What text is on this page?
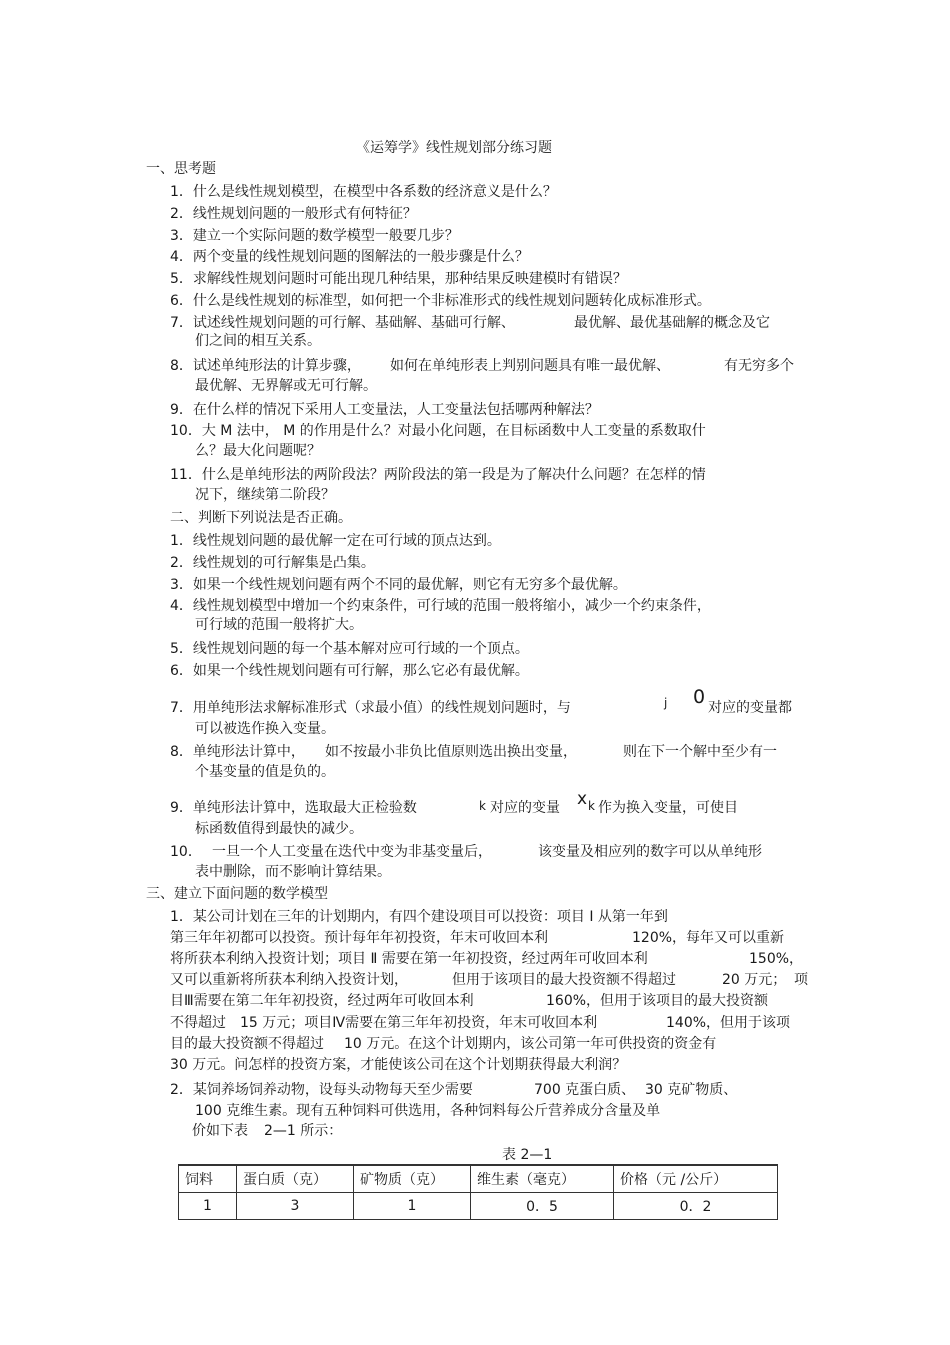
《运筹学》线性规划部分练习题
一、思考题
1．什么是线性规划模型，在模型中各系数的经济意义是什么？
2．线性规划问题的一般形式有何特征？
3．建立一个实际问题的数学模型一般要几步？
4．两个变量的线性规划问题的图解法的一般步骤是什么？
5．求解线性规划问题时可能出现几种结果，那种结果反映建模时有错误？
6．什么是线性规划的标准型，如何把一个非标准形式的线性规划问题转化成标准形式。
7．试述线性规划问题的可行解、基础解、基础可行解、	最优解、最优基础解的概念及它
们之间的相互关系。
8．试述单纯形法的计算步骤， 如何在单纯形表上判别问题具有唯一最优解、	有无穷多个
最优解、无界解或无可行解。
9．在什么样的情况下采用人工变量法，人工变量法包括哪两种解法？
10．大 M 法中， M 的作用是什么？对最小化问题，在目标函数中人工变量的系数取什
么？最大化问题呢？
11．什么是单纯形法的两阶段法？两阶段法的第一段是为了解决什么问题？在怎样的情
况下，继续第二阶段？
二、判断下列说法是否正确。
1．线性规划问题的最优解一定在可行域的顶点达到。
2．线性规划的可行解集是凸集。
3．如果一个线性规划问题有两个不同的最优解，则它有无穷多个最优解。
4．线性规划模型中增加一个约束条件，可行域的范围一般将缩小，减少一个约束条件，
可行域的范围一般将扩大。
5．线性规划问题的每一个基本解对应可行域的一个顶点。
6．如果一个线性规划问题有可行解，那么它必有最优解。
7．用单纯形法求解标准形式（求最小值）的线性规划问题时，与	j 0 对应的变量都
可以被选作换入变量。
8．单纯形法计算中， 如不按最小非负比值原则选出换出变量，	则在下一个解中至少有一
个基变量的值是负的。
9．单纯形法计算中，选取最大正检验数	k 对应的变量 x k 作为换入变量，可使目
标函数值得到最快的减少。
10． 一旦一个人工变量在迭代中变为非基变量后，	该变量及相应列的数字可以从单纯形
表中删除，而不影响计算结果。
三、建立下面问题的数学模型
1．某公司计划在三年的计划期内，有四个建设项目可以投资：项目 Ⅰ 从第一年到
第三年年初都可以投资。预计每年年初投资，年末可收回本利	120%，每年又可以重新
将所获本利纳入投资计划；项目 Ⅱ 需要在第一年初投资，经过两年可收回本利	150%，
又可以重新将所获本利纳入投资计划，	但用于该项目的最大投资额不得超过	20 万元； 项
目Ⅲ需要在第二年年初投资，经过两年可收回本利	160%，但用于该项目的最大投资额
不得超过 15 万元；项目Ⅳ需要在第三年年初投资，年末可收回本利	140%，但用于该项
目的最大投资额不得超过 10 万元。在这个计划期内，该公司第一年可供投资的资金有
30 万元。问怎样的投资方案，才能使该公司在这个计划期获得最大利润？
2．某饲养场饲养动物，设每头动物每天至少需要	700 克蛋白质、 30 克矿物质、
100 克维生素。现有五种饲料可供选用，各种饲料每公斤营养成分含量及单
价如下表 2—1 所示：
表 2—1
饲料	蛋白质（克）	矿物质（克）	维生素（毫克）	价格（元 /公斤）
1	3	1	0．5	0．2
